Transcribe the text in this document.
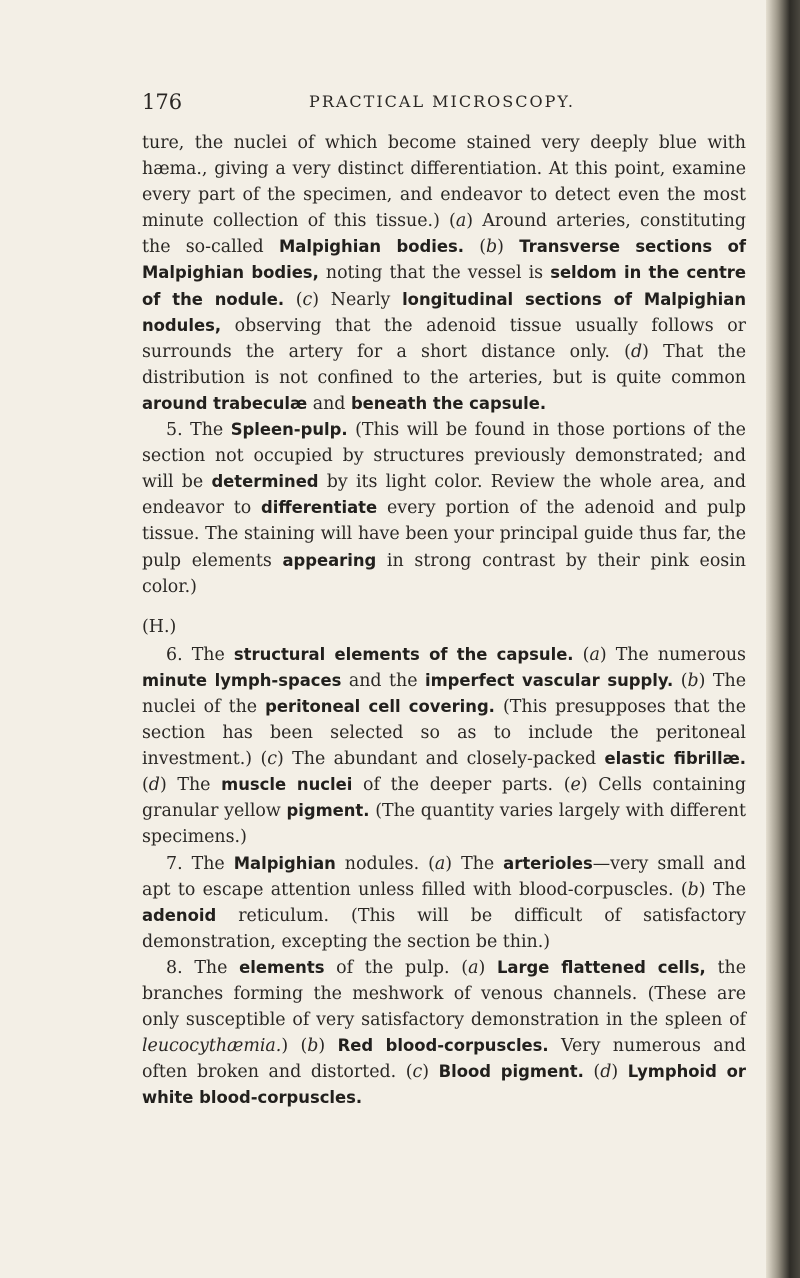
176	PRACTICAL MICROSCOPY.

ture, the nuclei of which become stained very deeply blue with hæma., giving a very distinct differentiation. At this point, examine every part of the specimen, and endeavor to detect even the most minute collection of this tissue.) (a) Around arteries, constituting the so-called Malpighian bodies. (b) Transverse sections of Malpighian bodies, noting that the vessel is seldom in the centre of the nodule. (c) Nearly longitudinal sections of Malpighian nodules, observing that the adenoid tissue usually follows or surrounds the artery for a short distance only. (d) That the distribution is not confined to the arteries, but is quite common around trabeculæ and beneath the capsule.

5. The Spleen-pulp. (This will be found in those portions of the section not occupied by structures previously demonstrated; and will be determined by its light color. Review the whole area, and endeavor to differentiate every portion of the adenoid and pulp tissue. The staining will have been your principal guide thus far, the pulp elements appearing in strong contrast by their pink eosin color.)

(H.)

6. The structural elements of the capsule. (a) The numerous minute lymph-spaces and the imperfect vascular supply. (b) The nuclei of the peritoneal cell covering. (This presupposes that the section has been selected so as to include the peritoneal investment.) (c) The abundant and closely-packed elastic fibrillæ. (d) The muscle nuclei of the deeper parts. (e) Cells containing granular yellow pigment. (The quantity varies largely with different specimens.)

7. The Malpighian nodules. (a) The arterioles—very small and apt to escape attention unless filled with blood-corpuscles. (b) The adenoid reticulum. (This will be difficult of satisfactory demonstration, excepting the section be thin.)

8. The elements of the pulp. (a) Large flattened cells, the branches forming the meshwork of venous channels. (These are only susceptible of very satisfactory demonstration in the spleen of leucocythæmia.) (b) Red blood-corpuscles. Very numerous and often broken and distorted. (c) Blood pigment. (d) Lymphoid or white blood-corpuscles.
